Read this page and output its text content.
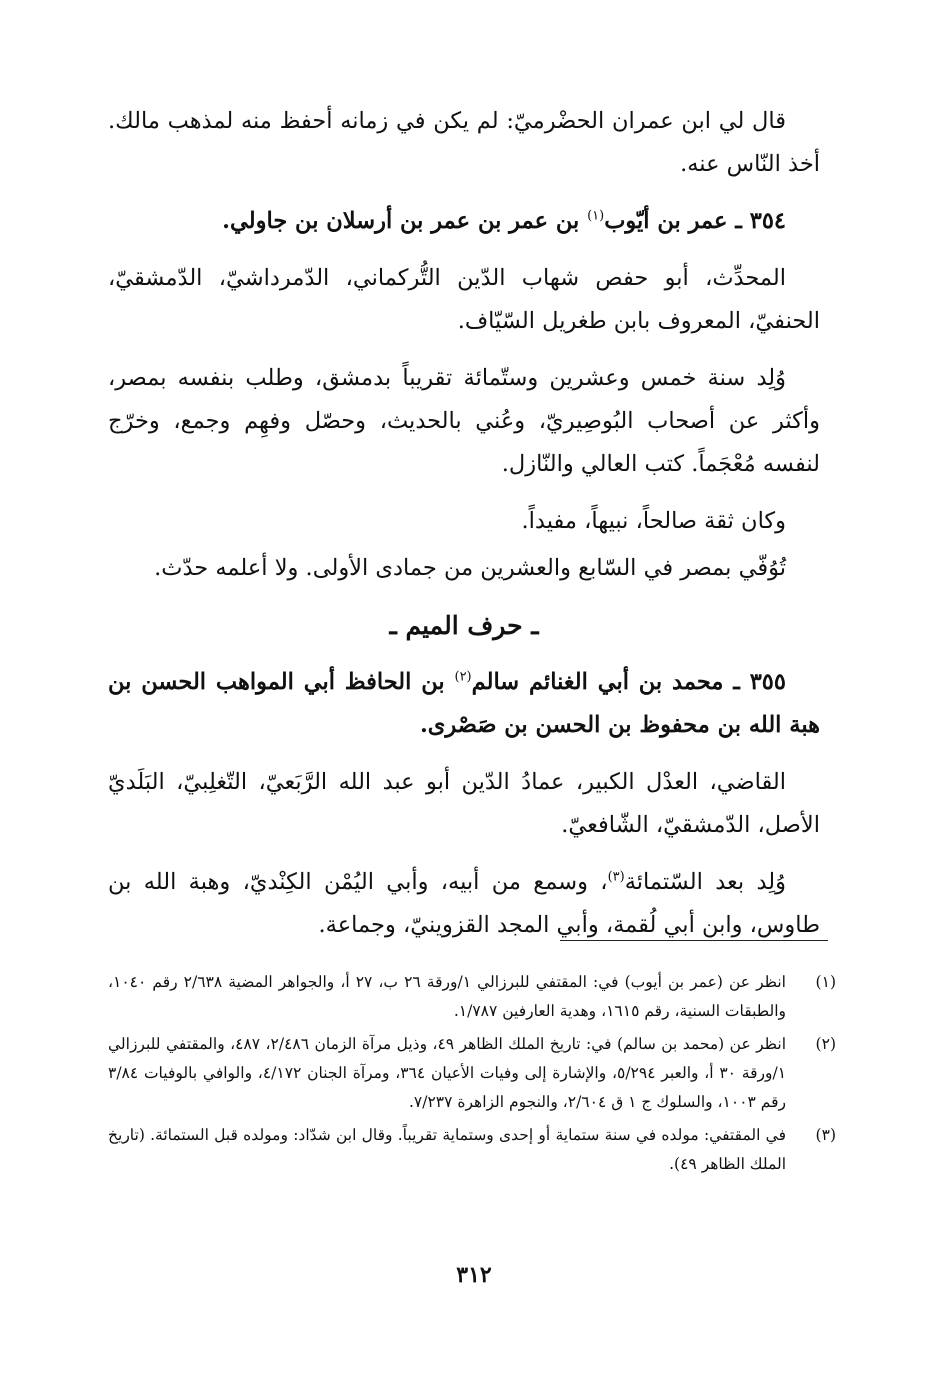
قال لي ابن عمران الحضْرميّ: لم يكن في زمانه أحفظ منه لمذهب مالك. أخذ النّاس عنه.

٣٥٤ ـ عمر بن أيّوب$^{(١)}$ بن عمر بن عمر بن أرسلان بن جاولي.

المحدِّث، أبو حفص شهاب الدّين التُّركماني، الدّمرداشيّ، الدّمشقيّ، الحنفيّ، المعروف بابن طغريل السّيّاف.

وُلِد سنة خمس وعشرين وستّمائة تقريباً بدمشق، وطلب بنفسه بمصر، وأكثر عن أصحاب البُوصِيريّ، وعُني بالحديث، وحصّل وفهِم وجمع، وخرّج لنفسه مُعْجَماً. كتب العالي والنّازل.

وكان ثقة صالحاً، نبيهاً، مفيداً.

تُوُفّي بمصر في السّابع والعشرين من جمادى الأولى. ولا أعلمه حدّث.

ـ حرف الميم ـ

٣٥٥ ـ محمد بن أبي الغنائم سالم$^{(٢)}$ بن الحافظ أبي المواهب الحسن بن هبة الله بن محفوظ بن الحسن بن صَصْرى.

القاضي، العدْل الكبير، عمادُ الدّين أبو عبد الله الرَّبَعيّ، التّغلِبيّ، البَلَديّ الأصل، الدّمشقيّ، الشّافعيّ.

وُلِد بعد السّتمائة$^{(٣)}$، وسمع من أبيه، وأبي اليُمْن الكِنْديّ، وهبة الله بن طاوس، وابن أبي لُقمة، وأبي المجد القزوينيّ، وجماعة.

(١)
انظر عن (عمر بن أيوب) في: المقتفي للبرزالي ١/ورقة ٢٦ ب، ٢٧ أ، والجواهر المضية ٢/٦٣٨ رقم ١٠٤٠، والطبقات السنية، رقم ١٦١٥، وهدية العارفين ١/٧٨٧.
(٢)
انظر عن (محمد بن سالم) في: تاريخ الملك الظاهر ٤٩، وذيل مرآة الزمان ٢/٤٨٦، ٤٨٧، والمقتفي للبرزالي ١/ورقة ٣٠ أ، والعبر ٥/٢٩٤، والإشارة إلى وفيات الأعيان ٣٦٤، ومرآة الجنان ٤/١٧٢، والوافي بالوفيات ٣/٨٤ رقم ١٠٠٣، والسلوك ج ١ ق ٢/٦٠٤، والنجوم الزاهرة ٧/٢٣٧.
(٣)
في المقتفي: مولده في سنة ستماية أو إحدى وستماية تقريباً. وقال ابن شدّاد: ومولده قبل الستمائة. (تاريخ الملك الظاهر ٤٩).
٣١٢
